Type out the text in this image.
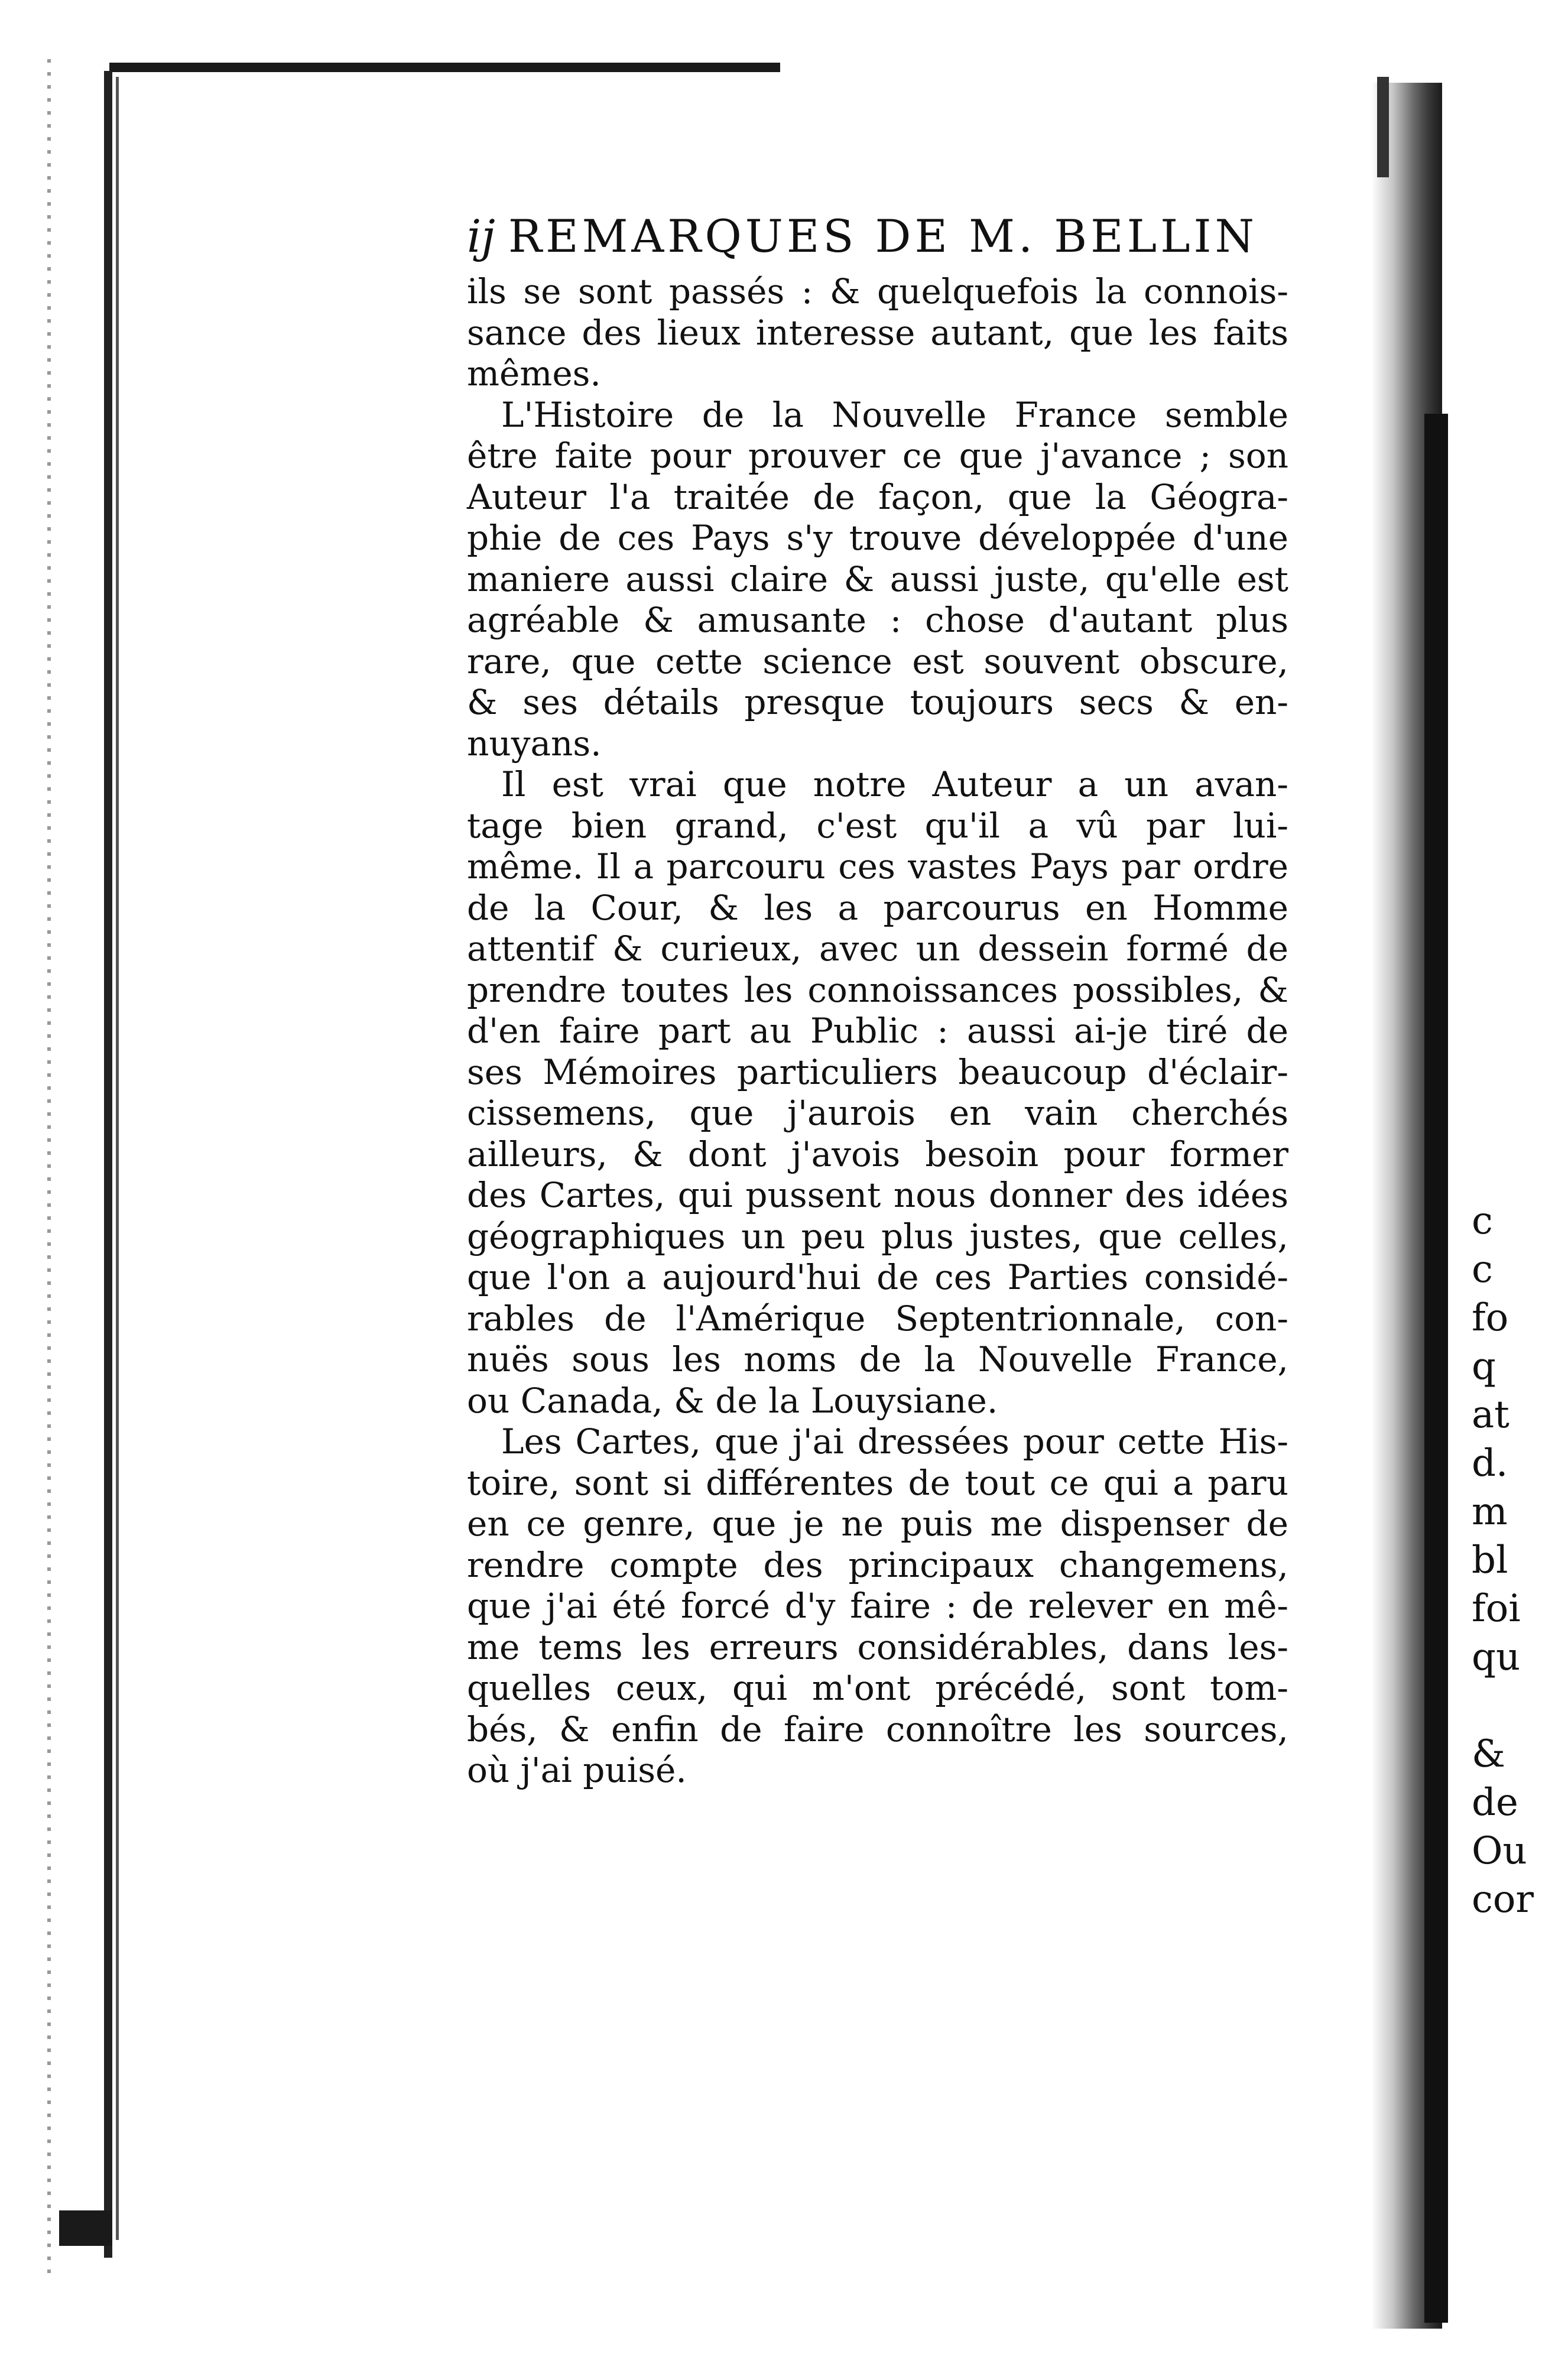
ij REMARQUES DE M. BELLIN
ils se sont passés : & quelquefois la connois-
sance des lieux interesse autant, que les faits
mêmes.
L'Histoire de la Nouvelle France semble
être faite pour prouver ce que j'avance ; son
Auteur l'a traitée de façon, que la Géogra-
phie de ces Pays s'y trouve développée d'une
maniere aussi claire & aussi juste, qu'elle est
agréable & amusante : chose d'autant plus
rare, que cette science est souvent obscure,
& ses détails presque toujours secs & en-
nuyans.
Il est vrai que notre Auteur a un avan-
tage bien grand, c'est qu'il a vû par lui-
même. Il a parcouru ces vastes Pays par ordre
de la Cour, & les a parcourus en Homme
attentif & curieux, avec un dessein formé de
prendre toutes les connoissances possibles, &
d'en faire part au Public : aussi ai-je tiré de
ses Mémoires particuliers beaucoup d'éclair-
cissemens, que j'aurois en vain cherchés
ailleurs, & dont j'avois besoin pour former
des Cartes, qui pussent nous donner des idées
géographiques un peu plus justes, que celles,
que l'on a aujourd'hui de ces Parties considé-
rables de l'Amérique Septentrionnale, con-
nuës sous les noms de la Nouvelle France,
ou Canada, & de la Louysiane.
Les Cartes, que j'ai dressées pour cette His-
toire, sont si différentes de tout ce qui a paru
en ce genre, que je ne puis me dispenser de
rendre compte des principaux changemens,
que j'ai été forcé d'y faire : de relever en mê-
me tems les erreurs considérables, dans les-
quelles ceux, qui m'ont précédé, sont tom-
bés, & enfin de faire connoître les sources,
où j'ai puisé.
c
c
fo
q
at
d.
m
bl
foi
qu
&
de
Ou
cor
